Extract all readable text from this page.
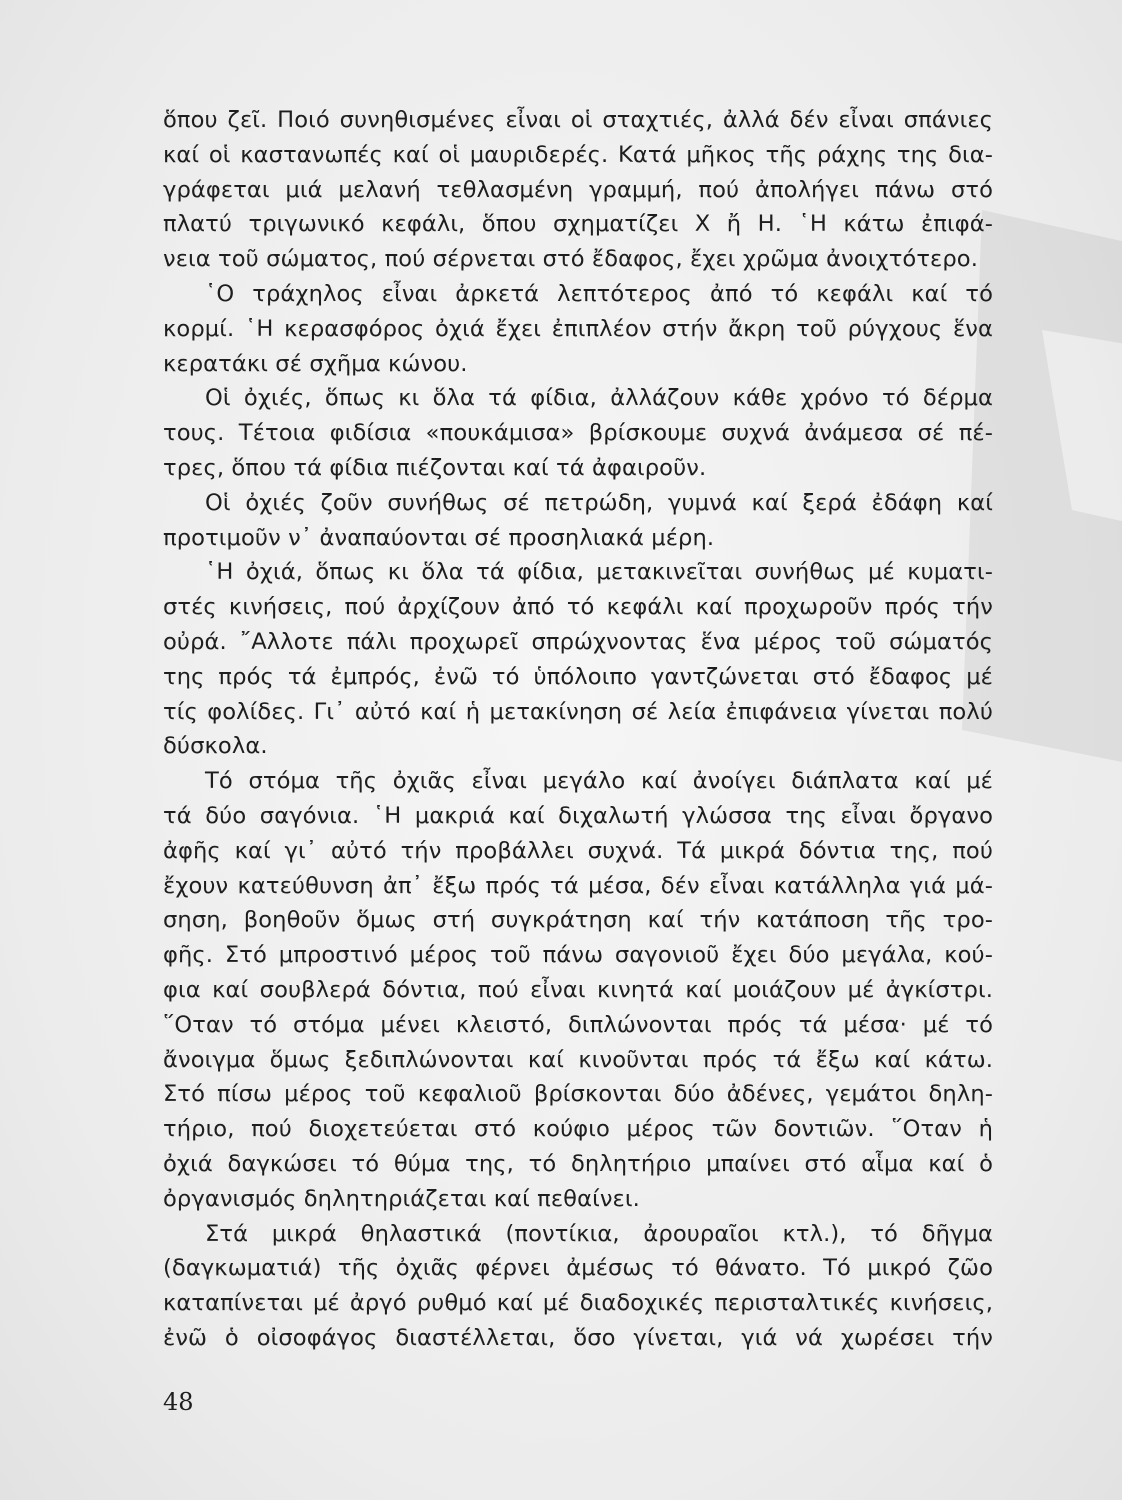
ὅπου ζεῖ. Ποιό συνηθισμένες εἶναι οἱ σταχτιές, ἀλλά δέν εἶναι σπάνιες
καί οἱ καστανωπές καί οἱ μαυριδερές. Κατά μῆκος τῆς ράχης της δια-
γράφεται μιά μελανή τεθλασμένη γραμμή, πού ἀπολήγει πάνω στό
πλατύ τριγωνικό κεφάλι, ὅπου σχηματίζει Χ ἤ Η. ῾Η κάτω ἐπιφά-
νεια τοῦ σώματος, πού σέρνεται στό ἔδαφος, ἔχει χρῶμα ἀνοιχτότερο.
῾Ο τράχηλος εἶναι ἀρκετά λεπτότερος ἀπό τό κεφάλι καί τό
κορμί. ῾Η κερασφόρος ὀχιά ἔχει ἐπιπλέον στήν ἄκρη τοῦ ρύγχους ἕνα
κερατάκι σέ σχῆμα κώνου.
Οἱ ὀχιές, ὅπως κι ὅλα τά φίδια, ἀλλάζουν κάθε χρόνο τό δέρμα
τους. Τέτοια φιδίσια «πουκάμισα» βρίσκουμε συχνά ἀνάμεσα σέ πέ-
τρες, ὅπου τά φίδια πιέζονται καί τά ἀφαιροῦν.
Οἱ ὀχιές ζοῦν συνήθως σέ πετρώδη, γυμνά καί ξερά ἐδάφη καί
προτιμοῦν ν᾿ ἀναπαύονται σέ προσηλιακά μέρη.
῾Η ὀχιά, ὅπως κι ὅλα τά φίδια, μετακινεῖται συνήθως μέ κυματι-
στές κινήσεις, πού ἀρχίζουν ἀπό τό κεφάλι καί προχωροῦν πρός τήν
οὐρά. ῎Αλλοτε πάλι προχωρεῖ σπρώχνοντας ἕνα μέρος τοῦ σώματός
της πρός τά ἐμπρός, ἐνῶ τό ὑπόλοιπο γαντζώνεται στό ἔδαφος μέ
τίς φολίδες. Γι᾿ αὐτό καί ἡ μετακίνηση σέ λεία ἐπιφάνεια γίνεται πολύ
δύσκολα.
Τό στόμα τῆς ὀχιᾶς εἶναι μεγάλο καί ἀνοίγει διάπλατα καί μέ
τά δύο σαγόνια. ῾Η μακριά καί διχαλωτή γλώσσα της εἶναι ὄργανο
ἀφῆς καί γι᾿ αὐτό τήν προβάλλει συχνά. Τά μικρά δόντια της, πού
ἔχουν κατεύθυνση ἀπ᾿ ἔξω πρός τά μέσα, δέν εἶναι κατάλληλα γιά μά-
σηση, βοηθοῦν ὅμως στή συγκράτηση καί τήν κατάποση τῆς τρο-
φῆς. Στό μπροστινό μέρος τοῦ πάνω σαγονιοῦ ἔχει δύο μεγάλα, κού-
φια καί σουβλερά δόντια, πού εἶναι κινητά καί μοιάζουν μέ ἀγκίστρι.
῞Οταν τό στόμα μένει κλειστό, διπλώνονται πρός τά μέσα· μέ τό
ἄνοιγμα ὅμως ξεδιπλώνονται καί κινοῦνται πρός τά ἔξω καί κάτω.
Στό πίσω μέρος τοῦ κεφαλιοῦ βρίσκονται δύο ἀδένες, γεμάτοι δηλη-
τήριο, πού διοχετεύεται στό κούφιο μέρος τῶν δοντιῶν. ῞Οταν ἡ
ὀχιά δαγκώσει τό θύμα της, τό δηλητήριο μπαίνει στό αἷμα καί ὁ
ὀργανισμός δηλητηριάζεται καί πεθαίνει.
Στά μικρά θηλαστικά (ποντίκια, ἀρουραῖοι κτλ.), τό δῆγμα
(δαγκωματιά) τῆς ὀχιᾶς φέρνει ἀμέσως τό θάνατο. Τό μικρό ζῶο
καταπίνεται μέ ἀργό ρυθμό καί μέ διαδοχικές περισταλτικές κινήσεις,
ἐνῶ ὁ οἰσοφάγος διαστέλλεται, ὅσο γίνεται, γιά νά χωρέσει τήν
48
